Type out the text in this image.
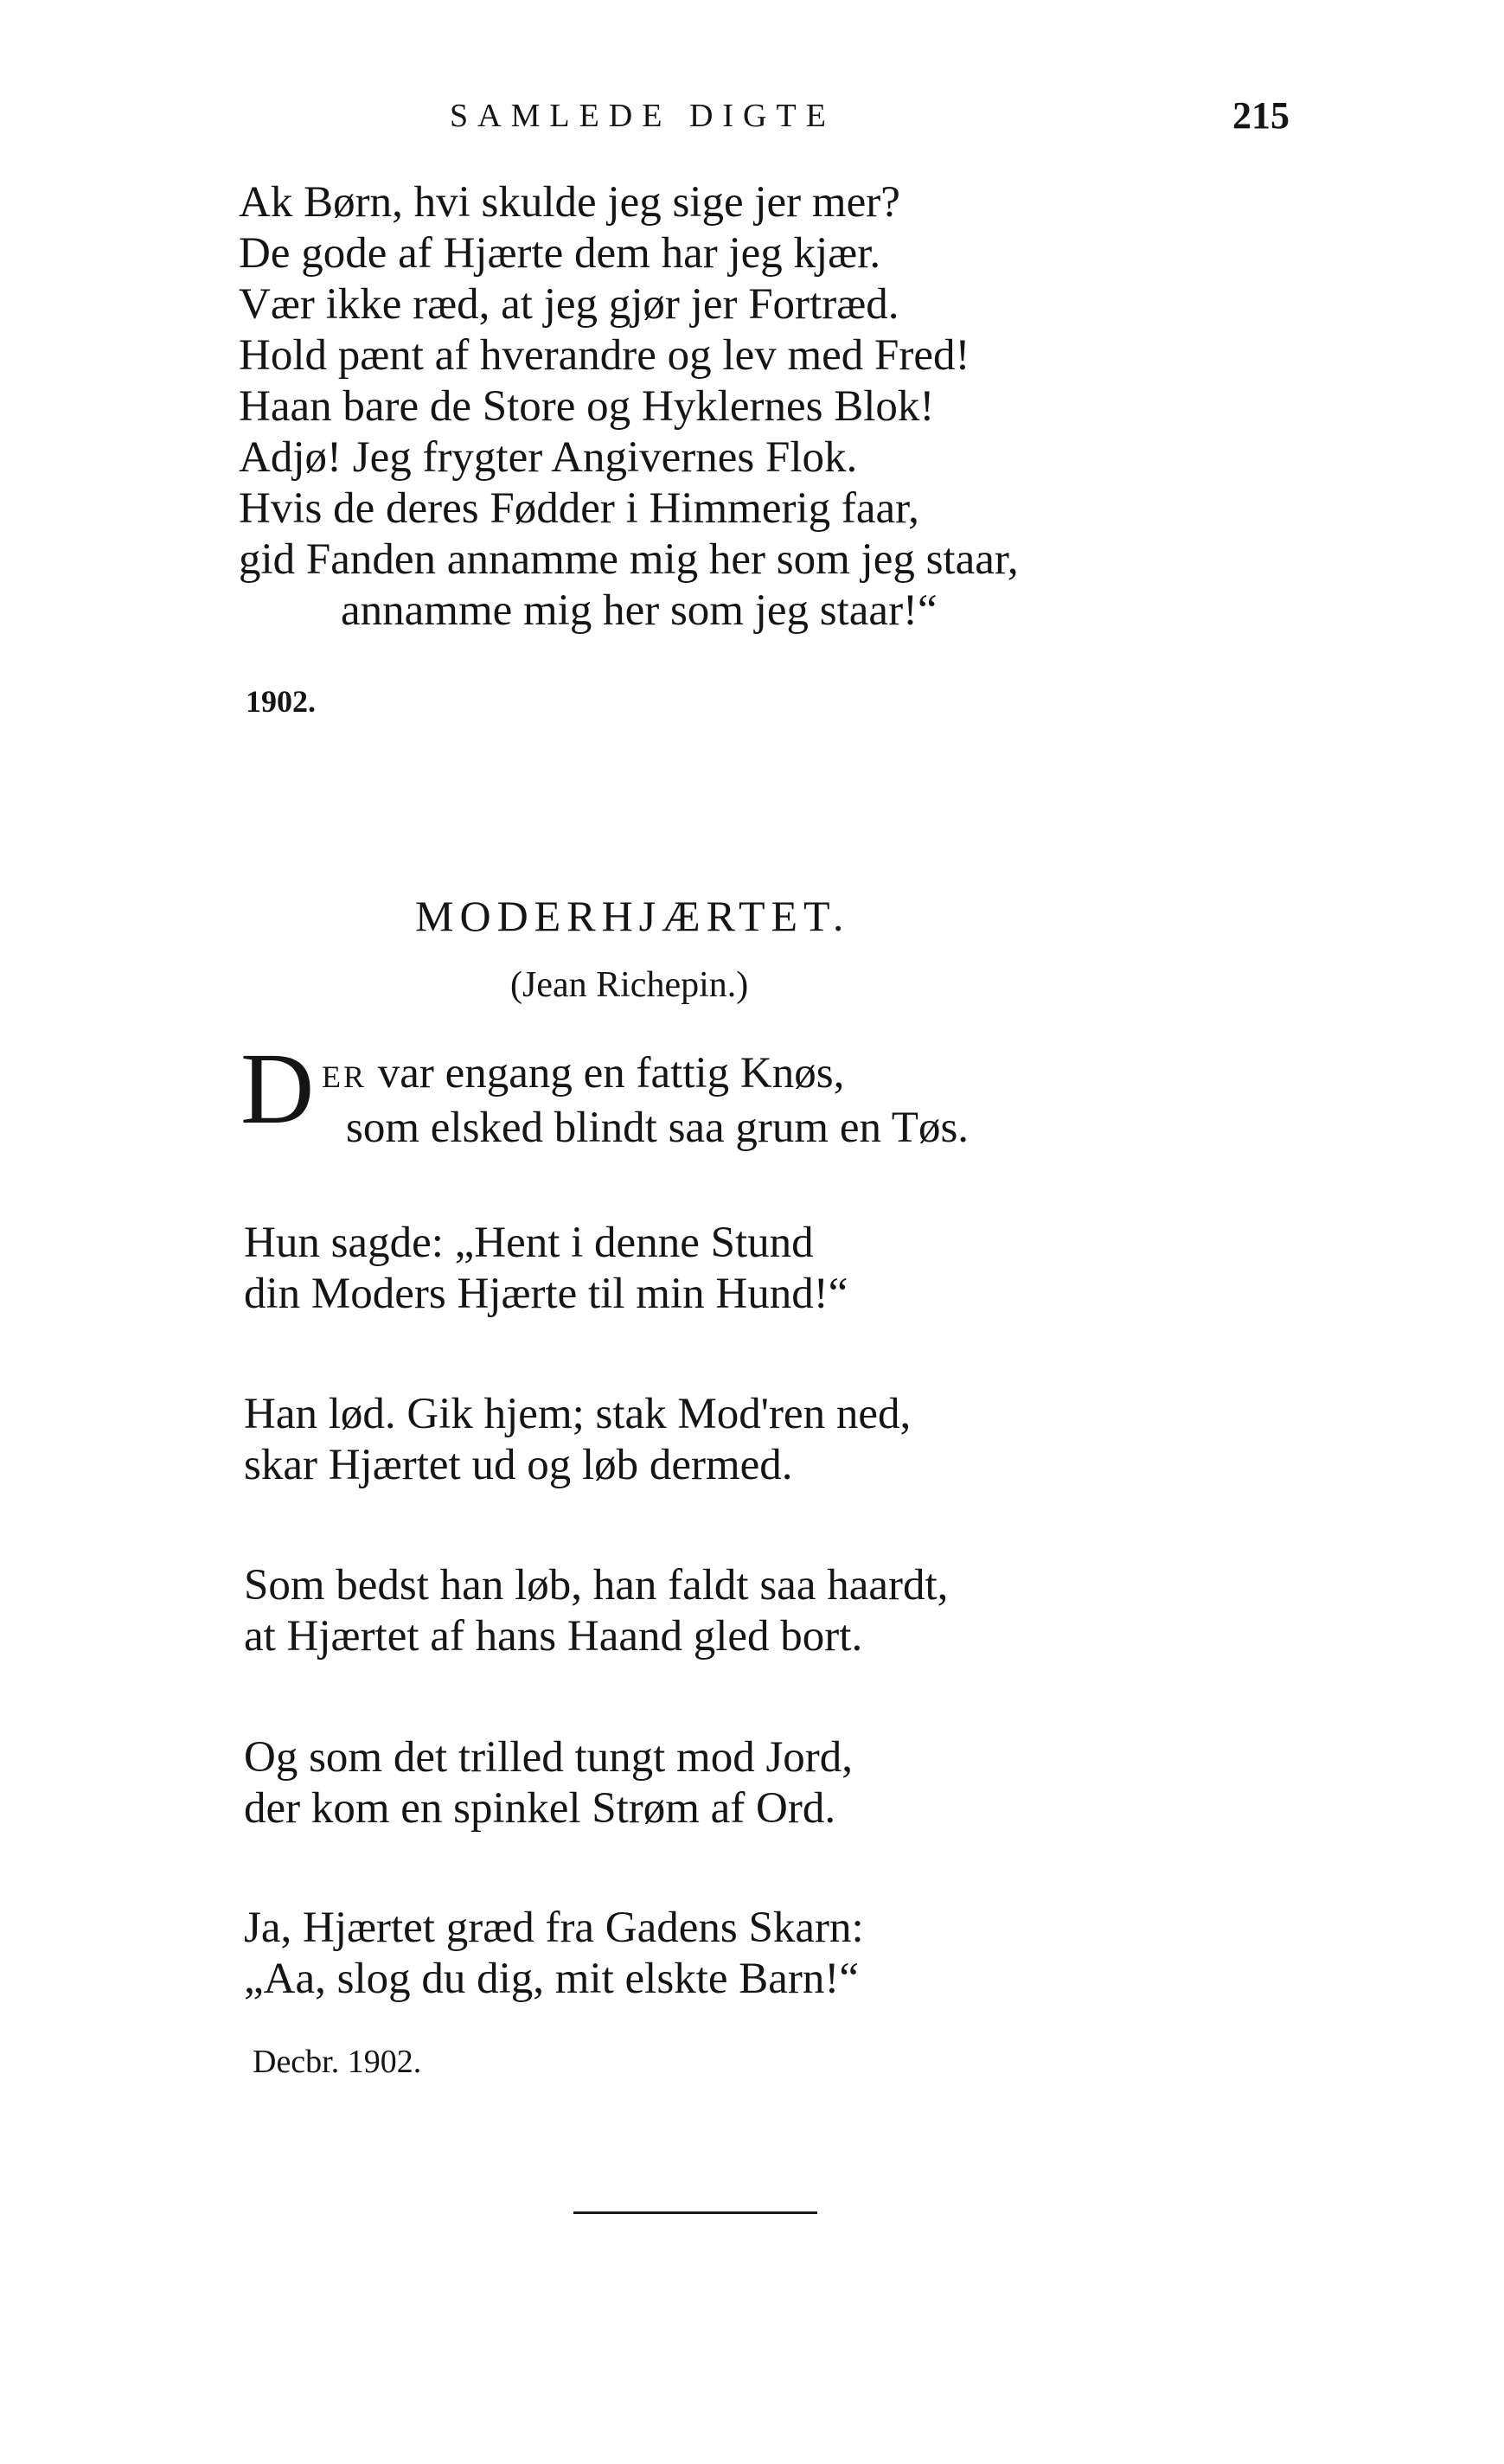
SAMLEDE DIGTE	215
Ak Børn, hvi skulde jeg sige jer mer?
De gode af Hjærte dem har jeg kjær.
Vær ikke ræd, at jeg gjør jer Fortræd.
Hold pænt af hverandre og lev med Fred!
Haan bare de Store og Hyklernes Blok!
Adjø! Jeg frygter Angivernes Flok.
Hvis de deres Fødder i Himmerig faar,
gid Fanden annamme mig her som jeg staar,
annamme mig her som jeg staar!“
1902.
MODERHJÆRTET.
(Jean Richepin.)
D ER var engang en fattig Knøs,
som elsked blindt saa grum en Tøs.
Hun sagde: „Hent i denne Stund
din Moders Hjærte til min Hund!“
Han lød. Gik hjem; stak Mod'ren ned,
skar Hjærtet ud og løb dermed.
Som bedst han løb, han faldt saa haardt,
at Hjærtet af hans Haand gled bort.
Og som det trilled tungt mod Jord,
der kom en spinkel Strøm af Ord.
Ja, Hjærtet græd fra Gadens Skarn:
„Aa, slog du dig, mit elskte Barn!“
Decbr. 1902.
